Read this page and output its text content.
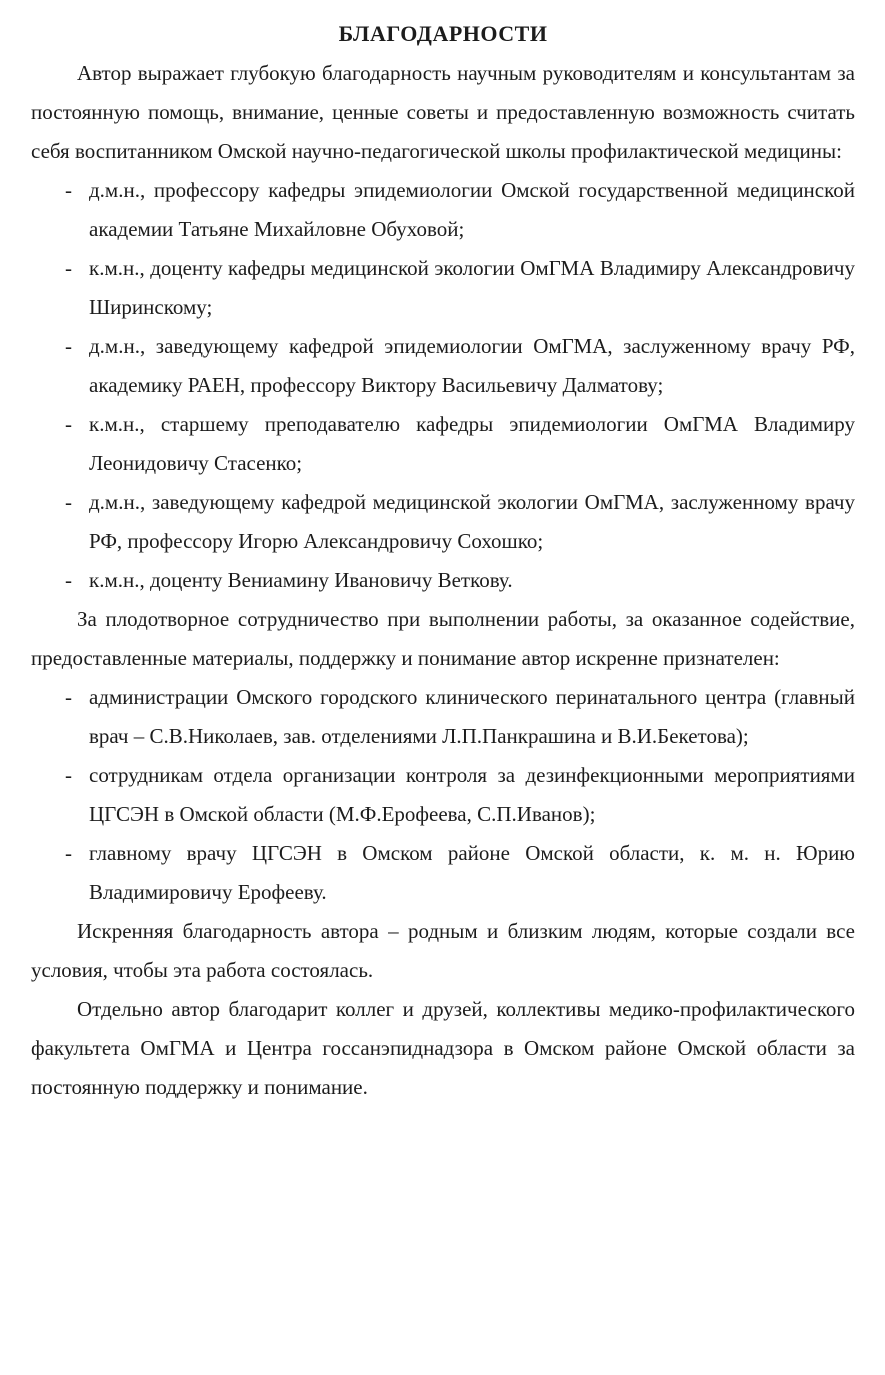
БЛАГОДАРНОСТИ

Автор выражает глубокую благодарность научным руководителям и консультантам за постоянную помощь, внимание, ценные советы и предоставленную возможность считать себя воспитанником Омской научно-педагогической школы профилактической медицины:

- д.м.н., профессору кафедры эпидемиологии Омской государственной медицинской академии Татьяне Михайловне Обуховой;
- к.м.н., доценту кафедры медицинской экологии ОмГМА Владимиру Александровичу Ширинскому;
- д.м.н., заведующему кафедрой эпидемиологии ОмГМА, заслуженному врачу РФ, академику РАЕН, профессору Виктору Васильевичу Далматову;
- к.м.н., старшему преподавателю кафедры эпидемиологии ОмГМА Владимиру Леонидовичу Стасенко;
- д.м.н., заведующему кафедрой медицинской экологии ОмГМА, заслуженному врачу РФ, профессору Игорю Александровичу Сохошко;
- к.м.н., доценту Вениамину Ивановичу Веткову.

За плодотворное сотрудничество при выполнении работы, за оказанное содействие, предоставленные материалы, поддержку и понимание автор искренне признателен:

- администрации Омского городского клинического перинатального центра (главный врач – С.В.Николаев, зав. отделениями Л.П.Панкрашина и В.И.Бекетова);
- сотрудникам отдела организации контроля за дезинфекционными мероприятиями ЦГСЭН в Омской области (М.Ф.Ерофеева, С.П.Иванов);
- главному врачу ЦГСЭН в Омском районе Омской области, к. м. н. Юрию Владимировичу Ерофееву.

Искренняя благодарность автора – родным и близким людям, которые создали все условия, чтобы эта работа состоялась.

Отдельно автор благодарит коллег и друзей, коллективы медико-профилактического факультета ОмГМА и Центра госсанэпиднадзора в Омском районе Омской области за постоянную поддержку и понимание.
